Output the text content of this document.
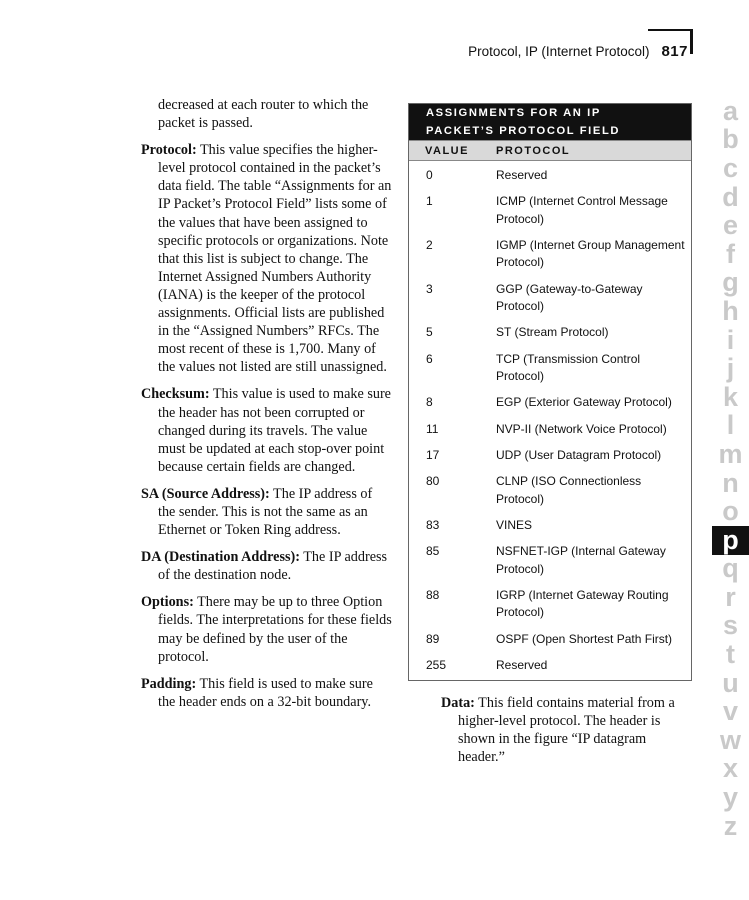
Protocol, IP (Internet Protocol) 817

decreased at each router to which the packet is passed.

Protocol: This value specifies the higher-level protocol contained in the packet’s data field. The table “Assignments for an IP Packet’s Protocol Field” lists some of the values that have been assigned to specific protocols or organizations. Note that this list is subject to change. The Internet Assigned Numbers Authority (IANA) is the keeper of the protocol assignments. Official lists are published in the “Assigned Numbers” RFCs. The most recent of these is 1,700. Many of the values not listed are still unassigned.

Checksum: This value is used to make sure the header has not been corrupted or changed during its travels. The value must be updated at each stop-over point because certain fields are changed.

SA (Source Address): The IP address of the sender. This is not the same as an Ethernet or Token Ring address.

DA (Destination Address): The IP address of the destination node.

Options: There may be up to three Option fields. The interpretations for these fields may be defined by the user of the protocol.

Padding: This field is used to make sure the header ends on a 32-bit boundary.

ASSIGNMENTS FOR AN IP
PACKET’S PROTOCOL FIELD
VALUE	PROTOCOL
0	Reserved
1	ICMP (Internet Control Message Protocol)
2	IGMP (Internet Group Management Protocol)
3	GGP (Gateway-to-Gateway Protocol)
5	ST (Stream Protocol)
6	TCP (Transmission Control Protocol)
8	EGP (Exterior Gateway Protocol)
11	NVP-II (Network Voice Protocol)
17	UDP (User Datagram Protocol)
80	CLNP (ISO Connectionless Protocol)
83	VINES
85	NSFNET-IGP (Internal Gateway Protocol)
88	IGRP (Internet Gateway Routing Protocol)
89	OSPF (Open Shortest Path First)
255	Reserved

Data: This field contains material from a higher-level protocol. The header is shown in the figure “IP datagram header.”

a
b
c
d
e
f
g
h
i
j
k
l
m
n
o
p
q
r
s
t
u
v
w
x
y
z
